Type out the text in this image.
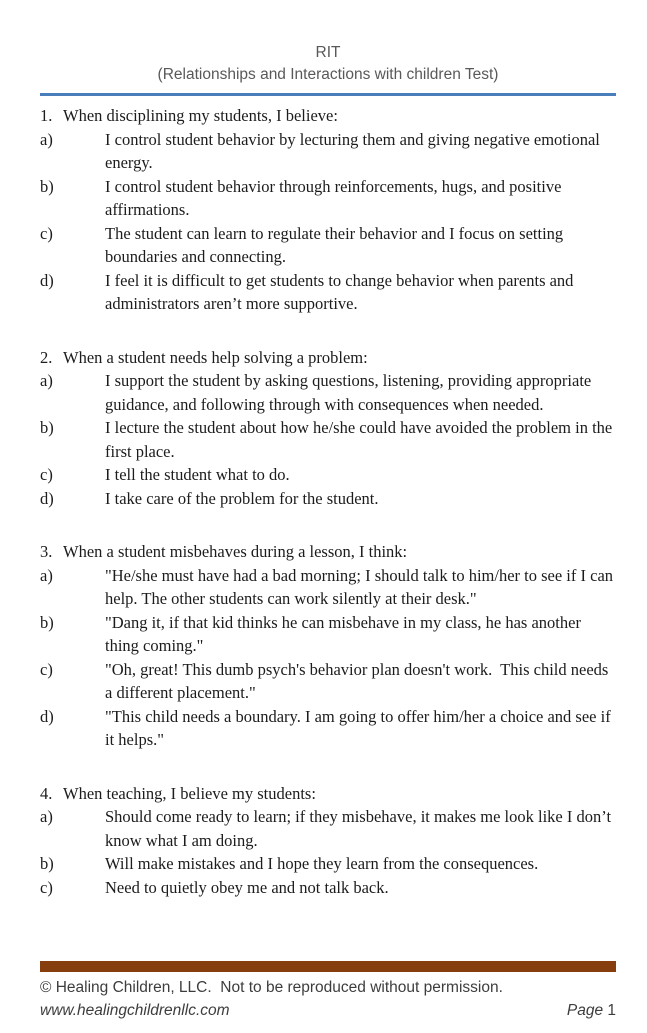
RIT
(Relationships and Interactions with children Test)
1. When disciplining my students, I believe:
a)	I control student behavior by lecturing them and giving negative emotional energy.
b)	I control student behavior through reinforcements, hugs, and positive affirmations.
c)	The student can learn to regulate their behavior and I focus on setting boundaries and connecting.
d)	I feel it is difficult to get students to change behavior when parents and administrators aren’t more supportive.
2. When a student needs help solving a problem:
a)	I support the student by asking questions, listening, providing appropriate guidance, and following through with consequences when needed.
b)	I lecture the student about how he/she could have avoided the problem in the first place.
c)	I tell the student what to do.
d)	I take care of the problem for the student.
3. When a student misbehaves during a lesson, I think:
a)	"He/she must have had a bad morning; I should talk to him/her to see if I can help. The other students can work silently at their desk."
b)	"Dang it, if that kid thinks he can misbehave in my class, he has another thing coming."
c)	"Oh, great! This dumb psych's behavior plan doesn't work.  This child needs a different placement."
d)	"This child needs a boundary. I am going to offer him/her a choice and see if it helps."
4. When teaching, I believe my students:
a)	Should come ready to learn; if they misbehave, it makes me look like I don’t know what I am doing.
b)	Will make mistakes and I hope they learn from the consequences.
c)	Need to quietly obey me and not talk back.
© Healing Children, LLC.  Not to be reproduced without permission.
www.healingchildrenllc.com	Page 1
